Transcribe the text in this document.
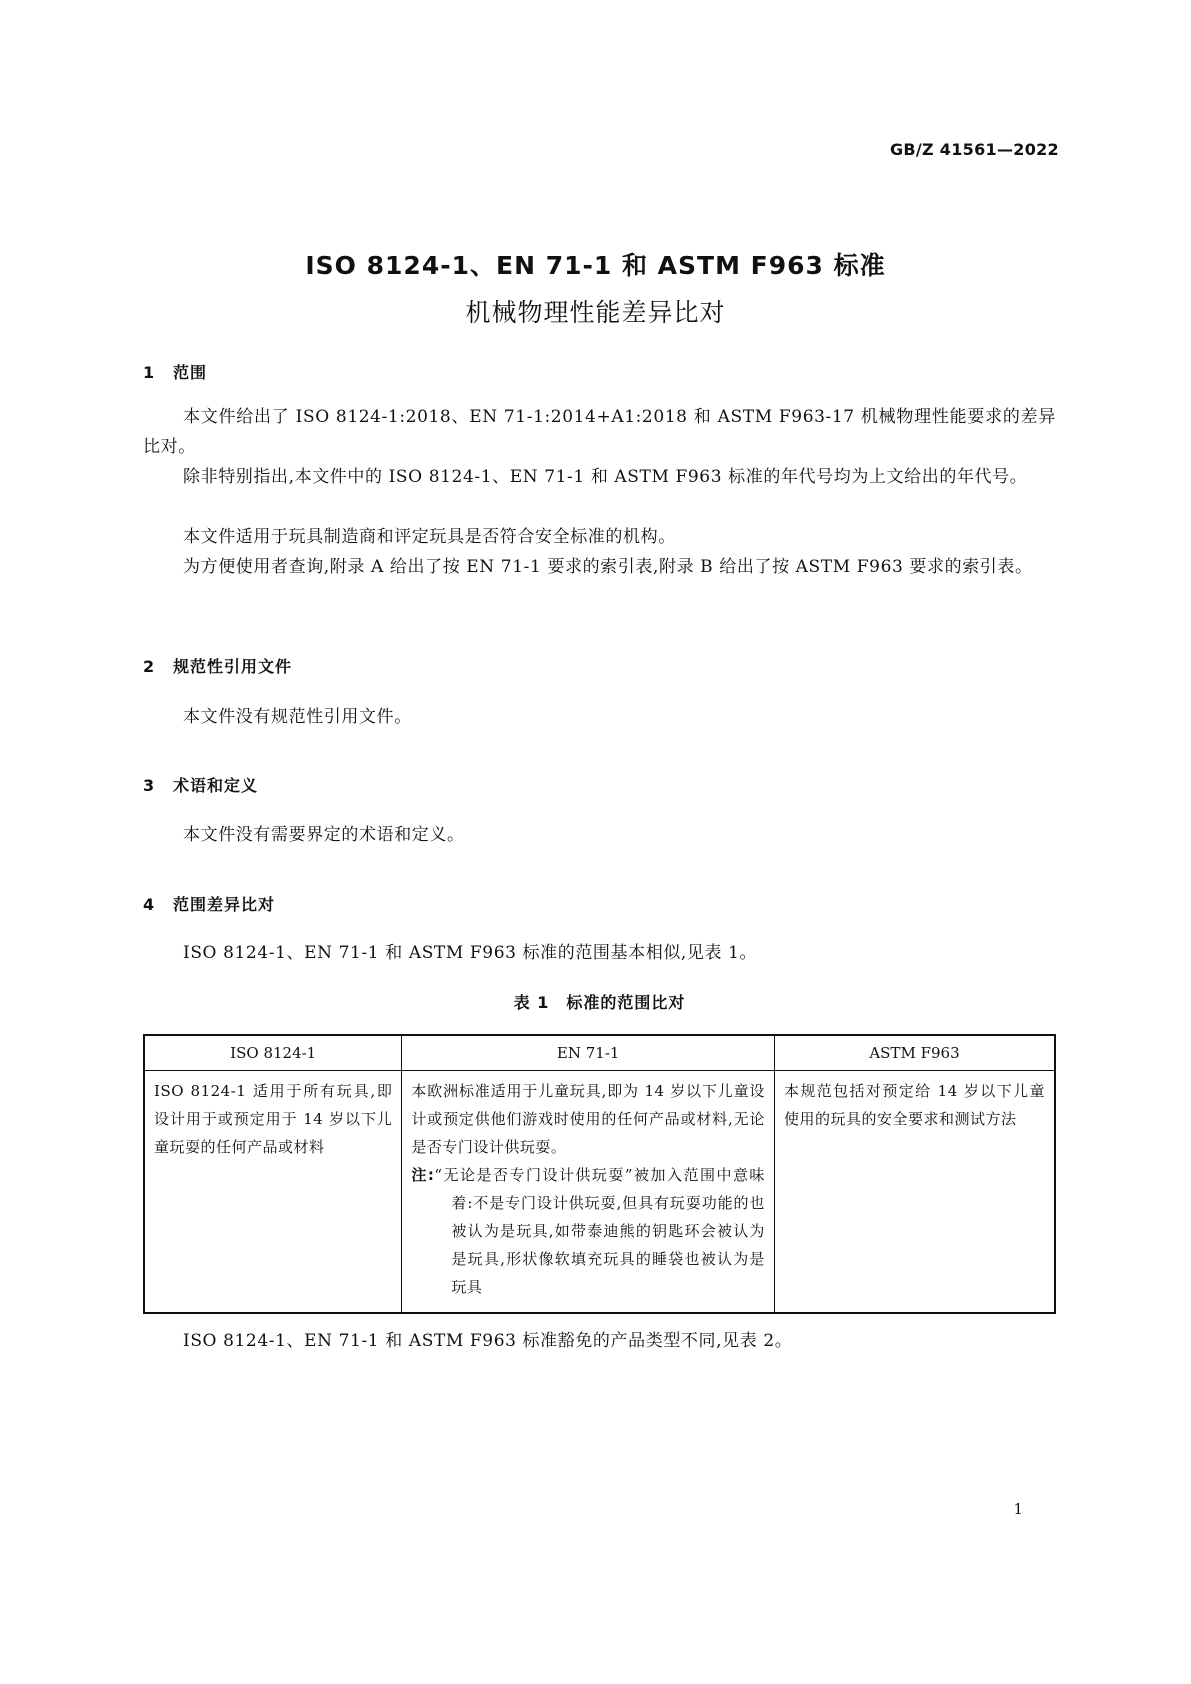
GB/Z 41561—2022
ISO 8124-1、EN 71-1 和 ASTM F963 标准
机械物理性能差异比对
1 范围

本文件给出了 ISO 8124-1:2018、EN 71-1:2014+A1:2018 和 ASTM F963-17 机械物理性能要求的差异比对。

除非特别指出,本文件中的 ISO 8124-1、EN 71-1 和 ASTM F963 标准的年代号均为上文给出的年代号。

本文件适用于玩具制造商和评定玩具是否符合安全标准的机构。

为方便使用者查询,附录 A 给出了按 EN 71-1 要求的索引表,附录 B 给出了按 ASTM F963 要求的索引表。

2 规范性引用文件

本文件没有规范性引用文件。

3 术语和定义

本文件没有需要界定的术语和定义。

4 范围差异比对

ISO 8124-1、EN 71-1 和 ASTM F963 标准的范围基本相似,见表 1。

表 1　标准的范围比对
ISO 8124-1	EN 71-1	ASTM F963
ISO 8124-1 适用于所有玩具,即设计用于或预定用于 14 岁以下儿童玩耍的任何产品或材料	本欧洲标准适用于儿童玩具,即为 14 岁以下儿童设计或预定供他们游戏时使用的任何产品或材料,无论是否专门设计供玩耍。
注:“无论是否专门设计供玩耍”被加入范围中意味着:不是专门设计供玩耍,但具有玩耍功能的也被认为是玩具,如带泰迪熊的钥匙环会被认为是玩具,形状像软填充玩具的睡袋也被认为是玩具	本规范包括对预定给 14 岁以下儿童使用的玩具的安全要求和测试方法

ISO 8124-1、EN 71-1 和 ASTM F963 标准豁免的产品类型不同,见表 2。

1
